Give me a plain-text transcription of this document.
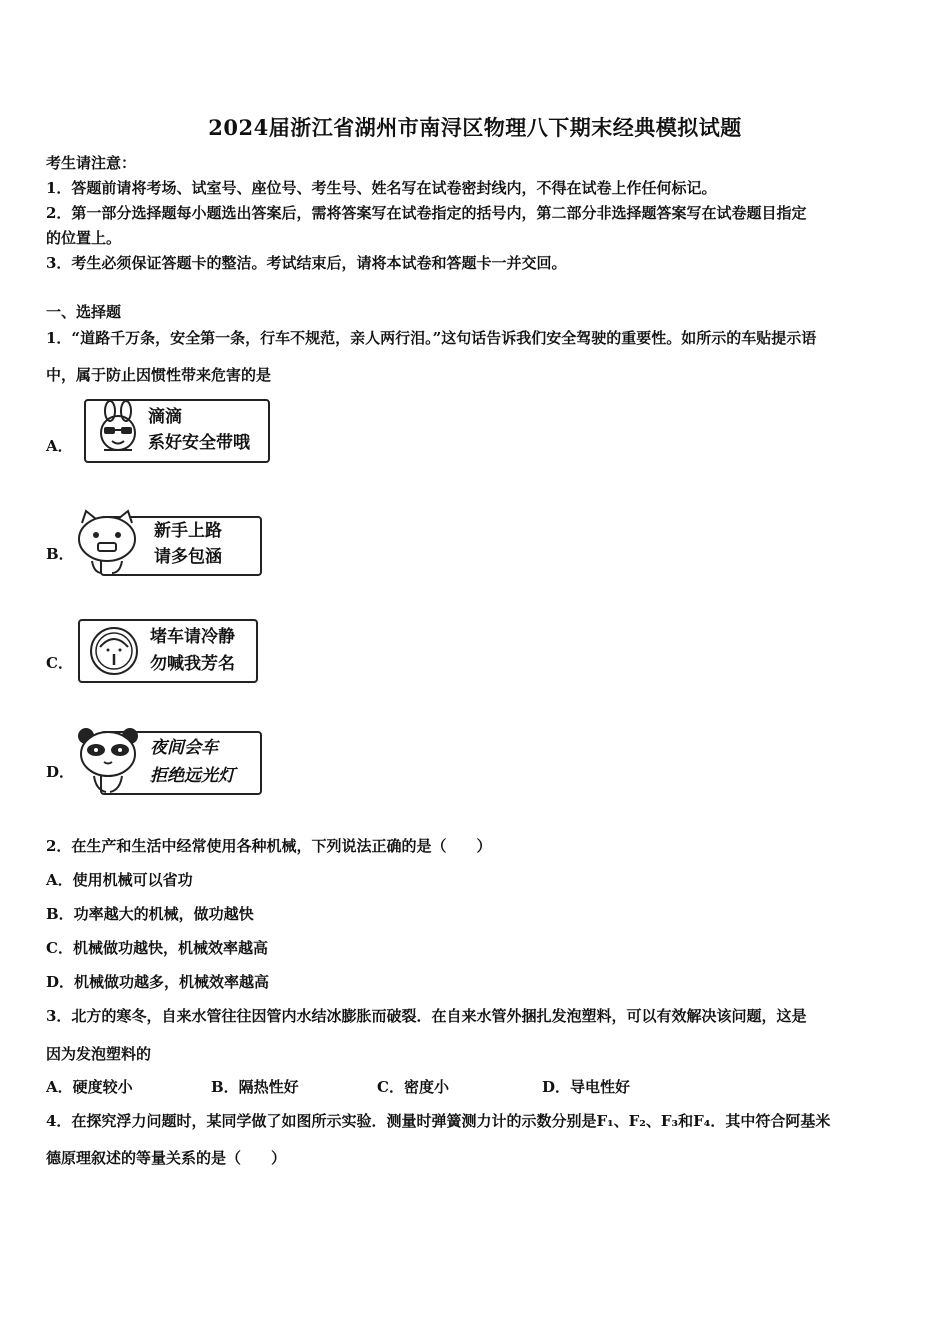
2024届浙江省湖州市南浔区物理八下期末经典模拟试题
考生请注意：
1．答题前请将考场、试室号、座位号、考生号、姓名写在试卷密封线内，不得在试卷上作任何标记。
2．第一部分选择题每小题选出答案后，需将答案写在试卷指定的括号内，第二部分非选择题答案写在试卷题目指定
的位置上。
3．考生必须保证答题卡的整洁。考试结束后，请将本试卷和答题卡一并交回。
一、选择题
1．“道路千万条，安全第一条，行车不规范，亲人两行泪。”这句话告诉我们安全驾驶的重要性。如所示的车贴提示语
中，属于防止因惯性带来危害的是
A．
滴滴
系好安全带哦
B．
新手上路
请多包涵
C．
堵车请冷静
勿喊我芳名
D．
夜间会车
拒绝远光灯
2．在生产和生活中经常使用各种机械，下列说法正确的是（　　）
A．使用机械可以省功
B．功率越大的机械，做功越快
C．机械做功越快，机械效率越高
D．机械做功越多，机械效率越高
3．北方的寒冬，自来水管往往因管内水结冰膨胀而破裂．在自来水管外捆扎发泡塑料，可以有效解决该问题，这是
因为发泡塑料的
A．硬度较小	B．隔热性好	C．密度小	D．导电性好
4．在探究浮力问题时，某同学做了如图所示实验．测量时弹簧测力计的示数分别是F₁、F₂、F₃和F₄．其中符合阿基米
德原理叙述的等量关系的是（　　）
